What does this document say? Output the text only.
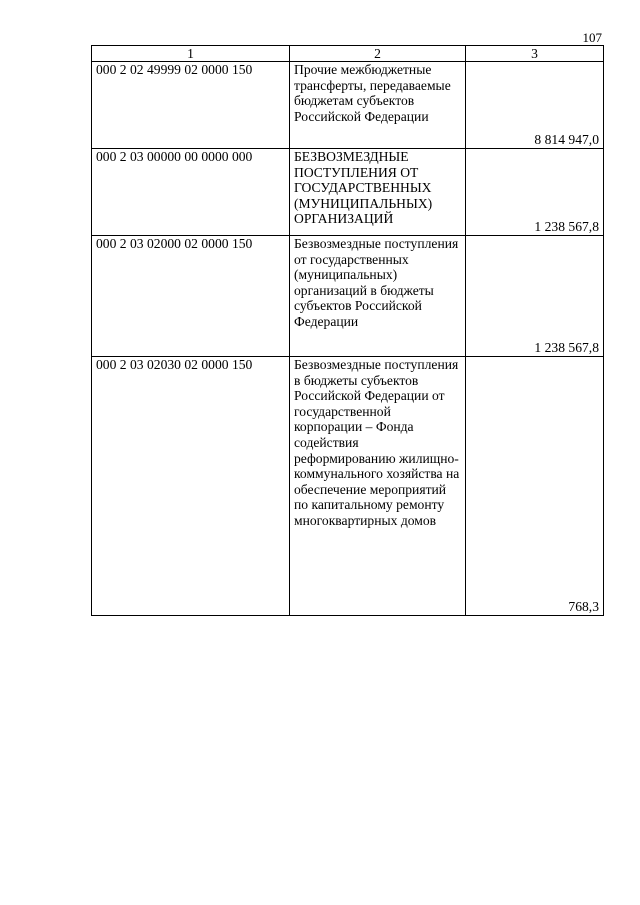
107
1	2	3
000 2 02 49999 02 0000 150	Прочие межбюджетные трансферты, передаваемые бюджетам субъектов Российской Федерации	8 814 947,0
000 2 03 00000 00 0000 000	БЕЗВОЗМЕЗДНЫЕ ПОСТУПЛЕНИЯ ОТ ГОСУДАРСТВЕННЫХ (МУНИЦИПАЛЬНЫХ) ОРГАНИЗАЦИЙ	1 238 567,8
000 2 03 02000 02 0000 150	Безвозмездные поступления от государственных (муниципальных) организаций в бюджеты субъектов Российской Федерации	1 238 567,8
000 2 03 02030 02 0000 150	Безвозмездные поступления в бюджеты субъектов Российской Федерации от государственной корпорации – Фонда содействия реформированию жилищно-коммунального хозяйства на обеспечение мероприятий по капитальному ремонту многоквартирных домов	768,3
